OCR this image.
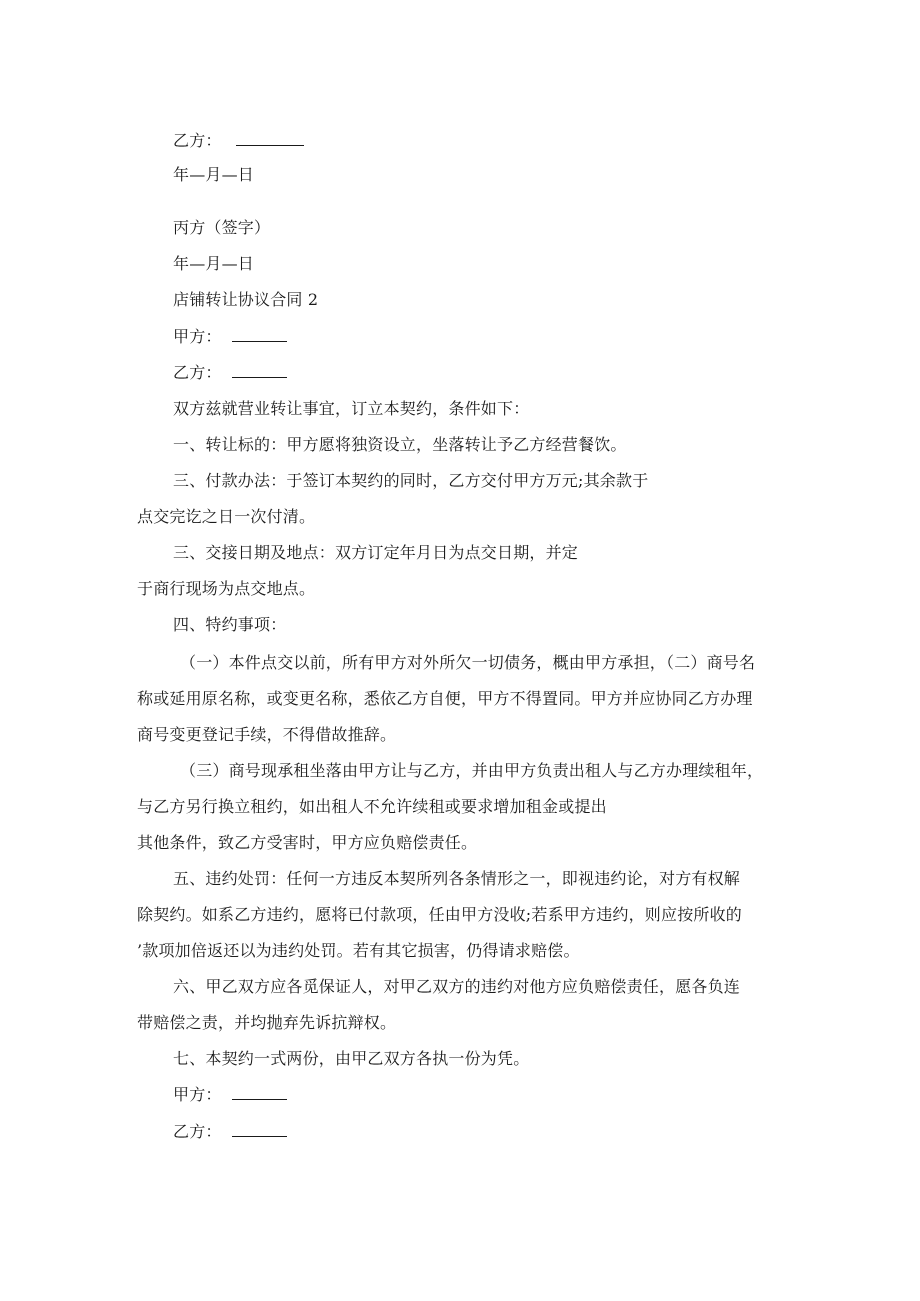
乙方：
年—月—日
丙方（签字）
年—月—日
店铺转让协议合同 2
甲方：
乙方：
双方兹就营业转让事宜，订立本契约，条件如下：
一、转让标的：甲方愿将独资设立，坐落转让予乙方经营餐饮。
三、付款办法：于签订本契约的同时，乙方交付甲方万元;其余款于
点交完讫之日一次付清。
三、交接日期及地点：双方订定年月日为点交日期，并定
于商行现场为点交地点。
四、特约事项：
（一）本件点交以前，所有甲方对外所欠一切债务，概由甲方承担，（二）商号名
称或延用原名称，或变更名称，悉依乙方自便，甲方不得置同。甲方并应协同乙方办理
商号变更登记手续，不得借故推辞。
（三）商号现承租坐落由甲方让与乙方，并由甲方负责出租人与乙方办理续租年，
与乙方另行换立租约，如出租人不允许续租或要求增加租金或提出
其他条件，致乙方受害时，甲方应负赔偿责任。
五、违约处罚：任何一方违反本契所列各条情形之一，即视违约论，对方有权解
除契约。如系乙方违约，愿将已付款项，任由甲方没收;若系甲方违约，则应按所收的
’款项加倍返还以为违约处罚。若有其它损害，仍得请求赔偿。
六、甲乙双方应各觅保证人，对甲乙双方的违约对他方应负赔偿责任，愿各负连
带赔偿之责，并均抛弃先诉抗辩权。
七、本契约一式两份，由甲乙双方各执一份为凭。
甲方：
乙方：
